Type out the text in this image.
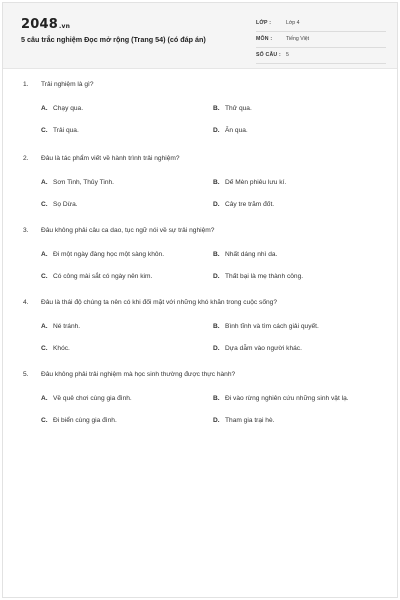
2048.vn
5 câu trắc nghiệm Đọc mở rộng (Trang 54) (có đáp án)
LỚP :	Lớp 4
MÔN :	Tiếng Việt
SỐ CÂU : 5
1. Trải nghiệm là gì?
A. Chạy qua.	B. Thử qua.
C. Trải qua.	D. Ăn qua.
2. Đâu là tác phẩm viết về hành trình trải nghiệm?
A. Sơn Tinh, Thủy Tinh.	B. Dế Mèn phiêu lưu kí.
C. Sọ Dừa.	D. Cây tre trăm đốt.
3. Đâu không phải câu ca dao, tục ngữ nói về sự trải nghiệm?
A. Đi một ngày đàng học một sàng khôn.	B. Nhất dáng nhì da.
C. Có công mài sắt có ngày nên kim.	D. Thất bại là mẹ thành công.
4. Đâu là thái độ chúng ta nên có khi đối mặt với những khó khăn trong cuộc sống?
A. Né tránh.	B. Bình tĩnh và tìm cách giải quyết.
C. Khóc.	D. Dựa dẫm vào người khác.
5. Đâu không phải trải nghiệm mà học sinh thường được thực hành?
A. Về quê chơi cùng gia đình.	B. Đi vào rừng nghiên cứu những sinh vật lạ.
C. Đi biển cùng gia đình.	D. Tham gia trại hè.
